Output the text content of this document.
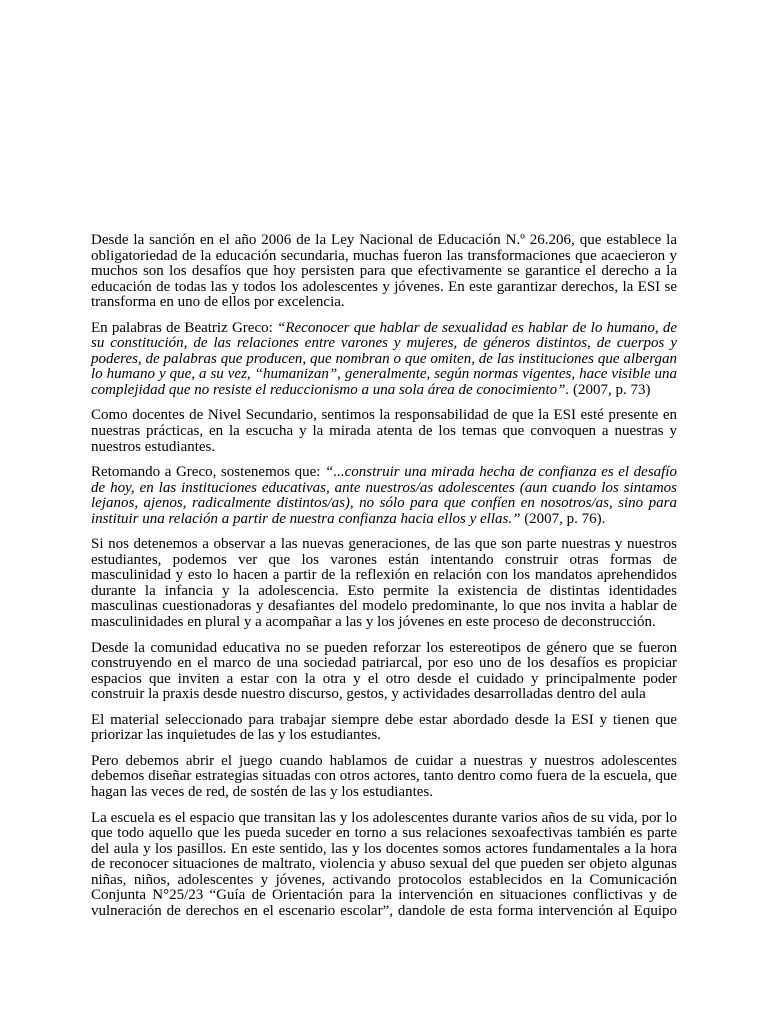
Desde la sanción en el año 2006 de la Ley Nacional de Educación N.º 26.206, que establece la obligatoriedad de la educación secundaria, muchas fueron las transformaciones que acaecieron y muchos son los desafíos que hoy persisten para que efectivamente se garantice el derecho a la educación de todas las y todos los adolescentes y jóvenes. En este garantizar derechos, la ESI se transforma en uno de ellos por excelencia.

En palabras de Beatriz Greco: “Reconocer que hablar de sexualidad es hablar de lo humano, de su constitución, de las relaciones entre varones y mujeres, de géneros distintos, de cuerpos y poderes, de palabras que producen, que nombran o que omiten, de las instituciones que albergan lo humano y que, a su vez, “humanizan”, generalmente, según normas vigentes, hace visible una complejidad que no resiste el reduccionismo a una sola área de conocimiento”. (2007, p. 73)

Como docentes de Nivel Secundario, sentimos la responsabilidad de que la ESI esté presente en nuestras prácticas, en la escucha y la mirada atenta de los temas que convoquen a nuestras y nuestros estudiantes.

Retomando a Greco, sostenemos que: “...construir una mirada hecha de confianza es el desafío de hoy, en las instituciones educativas, ante nuestros/as adolescentes (aun cuando los sintamos lejanos, ajenos, radicalmente distintos/as), no sólo para que confíen en nosotros/as, sino para instituir una relación a partir de nuestra confianza hacia ellos y ellas.” (2007, p. 76).

Si nos detenemos a observar a las nuevas generaciones, de las que son parte nuestras y nuestros estudiantes, podemos ver que los varones están intentando construir otras formas de masculinidad y esto lo hacen a partir de la reflexión en relación con los mandatos aprehendidos durante la infancia y la adolescencia. Esto permite la existencia de distintas identidades masculinas cuestionadoras y desafiantes del modelo predominante, lo que nos invita a hablar de masculinidades en plural y a acompañar a las y los jóvenes en este proceso de deconstrucción.

Desde la comunidad educativa no se pueden reforzar los estereotipos de género que se fueron construyendo en el marco de una sociedad patriarcal, por eso uno de los desafíos es propiciar espacios que inviten a estar con la otra y el otro desde el cuidado y principalmente poder construir la praxis desde nuestro discurso, gestos, y actividades desarrolladas dentro del aula

El material seleccionado para trabajar siempre debe estar abordado desde la ESI y tienen que priorizar las inquietudes de las y los estudiantes.

Pero debemos abrir el juego cuando hablamos de cuidar a nuestras y nuestros adolescentes debemos diseñar estrategias situadas con otros actores, tanto dentro como fuera de la escuela, que hagan las veces de red, de sostén de las y los estudiantes.

La escuela es el espacio que transitan las y los adolescentes durante varios años de su vida, por lo que todo aquello que les pueda suceder en torno a sus relaciones sexoafectivas también es parte del aula y los pasillos. En este sentido, las y los docentes somos actores fundamentales a la hora de reconocer situaciones de maltrato, violencia y abuso sexual del que pueden ser objeto algunas niñas, niños, adolescentes y jóvenes, activando protocolos establecidos en la Comunicación Conjunta N°25/23 “Guía de Orientación para la intervención en situaciones conflictivas y de vulneración de derechos en el escenario escolar”, dandole de esta forma intervención al Equipo
